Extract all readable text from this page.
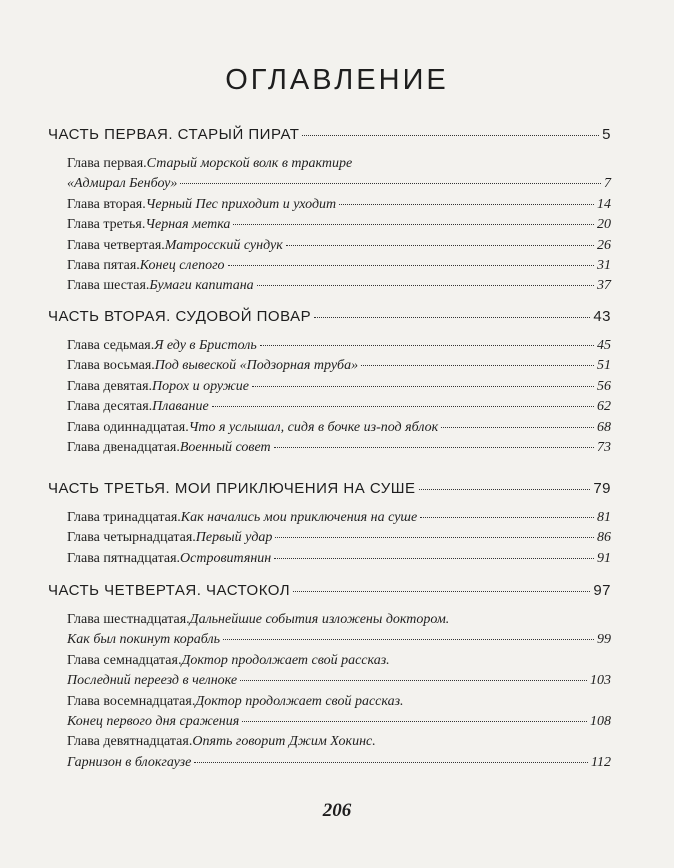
ОГЛАВЛЕНИЕ
ЧАСТЬ ПЕРВАЯ. СТАРЫЙ ПИРАТ	5
Глава первая. Старый морской волк в трактире
«Адмирал Бенбоу»	7
Глава вторая. Черный Пес приходит и уходит	14
Глава третья. Черная метка	20
Глава четвертая. Матросский сундук	26
Глава пятая. Конец слепого	31
Глава шестая. Бумаги капитана	37
ЧАСТЬ ВТОРАЯ. СУДОВОЙ ПОВАР	43
Глава седьмая. Я еду в Бристоль	45
Глава восьмая. Под вывеской «Подзорная труба»	51
Глава девятая. Порох и оружие	56
Глава десятая. Плавание	62
Глава одиннадцатая. Что я услышал, сидя в бочке из-под яблок	68
Глава двенадцатая. Военный совет	73
ЧАСТЬ ТРЕТЬЯ. МОИ ПРИКЛЮЧЕНИЯ НА СУШЕ	79
Глава тринадцатая. Как начались мои приключения на суше	81
Глава четырнадцатая. Первый удар	86
Глава пятнадцатая. Островитянин	91
ЧАСТЬ ЧЕТВЕРТАЯ. ЧАСТОКОЛ	97
Глава шестнадцатая. Дальнейшие события изложены доктором.
Как был покинут корабль	99
Глава семнадцатая. Доктор продолжает свой рассказ.
Последний переезд в челноке	103
Глава восемнадцатая. Доктор продолжает свой рассказ.
Конец первого дня сражения	108
Глава девятнадцатая. Опять говорит Джим Хокинс.
Гарнизон в блокгаузе	112
206
